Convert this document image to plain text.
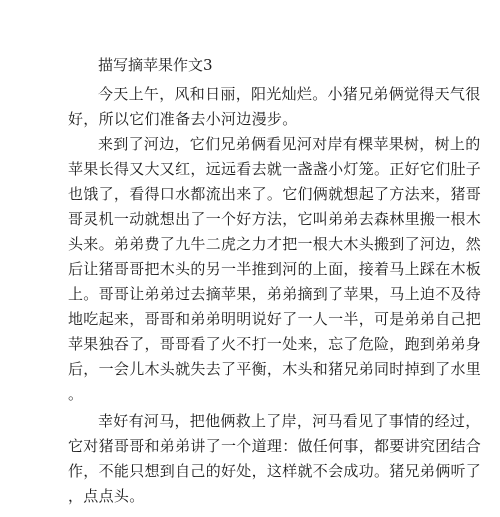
描写摘苹果作文3
今天上午，风和日丽，阳光灿烂。小猪兄弟俩觉得天气很
好，所以它们准备去小河边漫步。
来到了河边，它们兄弟俩看见河对岸有棵苹果树，树上的
苹果长得又大又红，远远看去就一盏盏小灯笼。正好它们肚子
也饿了，看得口水都流出来了。它们俩就想起了方法来，猪哥
哥灵机一动就想出了一个好方法，它叫弟弟去森林里搬一根木
头来。弟弟费了九牛二虎之力才把一根大木头搬到了河边，然
后让猪哥哥把木头的另一半推到河的上面，接着马上踩在木板
上。哥哥让弟弟过去摘苹果，弟弟摘到了苹果，马上迫不及待
地吃起来，哥哥和弟弟明明说好了一人一半，可是弟弟自己把
苹果独吞了，哥哥看了火不打一处来，忘了危险，跑到弟弟身
后，一会儿木头就失去了平衡，木头和猪兄弟同时掉到了水里
。
幸好有河马，把他俩救上了岸，河马看见了事情的经过，
它对猪哥哥和弟弟讲了一个道理：做任何事，都要讲究团结合
作，不能只想到自己的好处，这样就不会成功。猪兄弟俩听了
，点点头。
